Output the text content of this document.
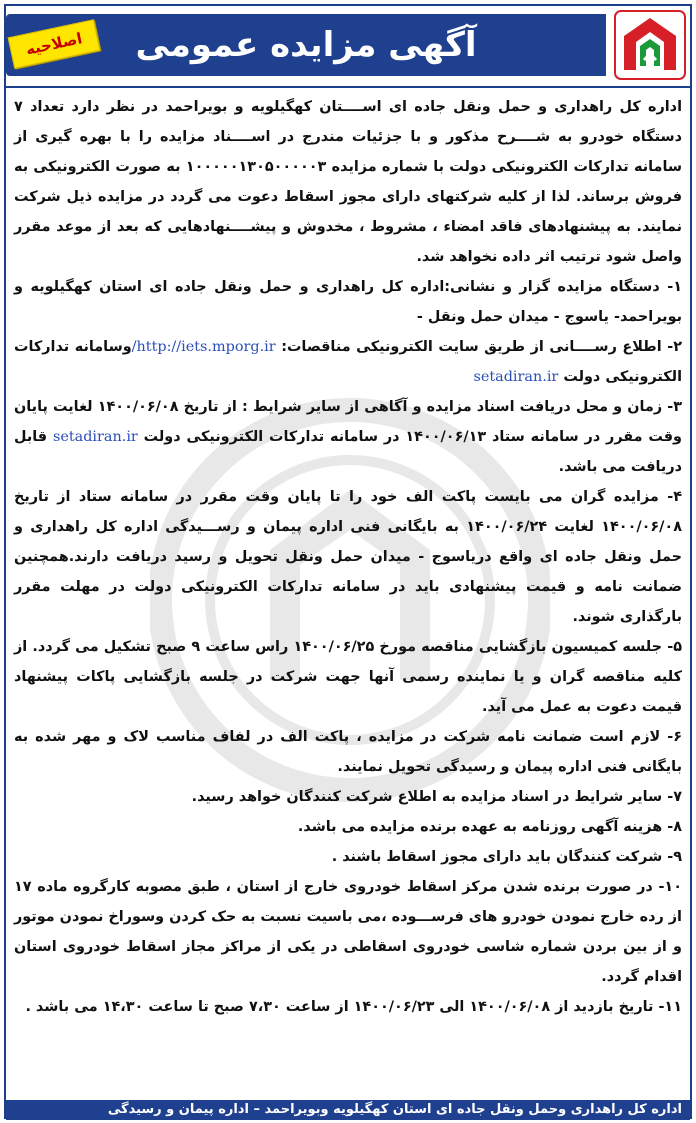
آگهی مزایده عمومی
اصلاحیه

اداره کل راهداری و حمل ونقل جاده ای اســــتان کهگیلویه و بویراحمد در نظر دارد تعداد ۷ دستگاه خودرو به شــــرح مذکور و با جزئیات مندرج در اســــناد مزایده را با بهره گیری از سامانه تدارکات الکترونیکی دولت با شماره مزایده ۱۰۰۰۰۰۱۳۰۵۰۰۰۰۰۳ به صورت الکترونیکی به فروش برساند. لذا از کلیه شرکتهای دارای مجوز اسقاط دعوت می گردد در مزایده ذیل شرکت نمایند. به پیشنهادهای فاقد امضاء ، مشروط ، مخدوش و پیشــــنهادهایی که بعد از موعد مقرر واصل شود ترتیب اثر داده نخواهد شد.

۱- دستگاه مزایده گزار و نشانی:اداره کل راهداری و حمل ونقل جاده ای استان کهگیلویه و بویراحمد- یاسوج - میدان حمل ونقل -

۲- اطلاع رســــانی از طریق سایت الکترونیکی مناقصات: http://iets.mporg.ir/وسامانه تدارکات الکترونیکی دولت setadiran.ir

۳- زمان و محل دریافت اسناد مزایده و آگاهی از سایر شرایط : از تاریخ ۱۴۰۰/۰۶/۰۸ لغایت پایان وقت مقرر در سامانه ستاد ۱۴۰۰/۰۶/۱۳ در سامانه تدارکات الکترونیکی دولت setadiran.ir قابل دریافت می باشد.

۴- مزایده گران می بایست پاکت الف خود را تا پایان وقت مقرر در سامانه ستاد از تاریخ ۱۴۰۰/۰۶/۰۸ لغایت ۱۴۰۰/۰۶/۲۴ به بایگانی فنی اداره پیمان و رســـیدگی اداره کل راهداری و حمل ونقل جاده ای واقع دریاسوج - میدان حمل ونقل تحویل و رسید دریافت دارند.همچنین ضمانت نامه و قیمت پیشنهادی باید در سامانه تدارکات الکترونیکی دولت در مهلت مقرر بارگذاری شوند.

۵- جلسه کمیسیون بازگشایی مناقصه مورخ ۱۴۰۰/۰۶/۲۵ راس ساعت ۹ صبح تشکیل می گردد. از کلیه مناقصه گران و یا نماینده رسمی آنها جهت شرکت در جلسه بازگشایی پاکات پیشنهاد قیمت دعوت به عمل می آید.

۶- لازم است ضمانت نامه شرکت در مزایده ، پاکت الف در لفاف مناسب لاک و مهر شده به بایگانی فنی اداره پیمان و رسیدگی تحویل نمایند.

۷- سایر شرایط در اسناد مزایده به اطلاع شرکت کنندگان خواهد رسید.

۸- هزینه آگهی روزنامه به عهده برنده مزایده می باشد.

۹- شرکت کنندگان باید دارای مجوز اسقاط باشند .

۱۰- در صورت برنده شدن مرکز اسقاط خودروی خارج از استان ، طبق مصوبه کارگروه ماده ۱۷ از رده خارج نمودن خودرو های فرســـوده ،می باسیت نسبت به حک کردن وسوراخ نمودن موتور و از بین بردن شماره شاسی خودروی اسقاطی در یکی از مراکز مجاز اسقاط خودروی استان اقدام گردد.

۱۱- تاریخ بازدید از ۱۴۰۰/۰۶/۰۸ الی ۱۴۰۰/۰۶/۲۳ از ساعت ۷،۳۰ صبح تا ساعت ۱۴،۳۰ می باشد .

اداره کل راهداری وحمل ونقل جاده ای استان کهگیلویه وبویراحمد – اداره پیمان و رسیدگی
